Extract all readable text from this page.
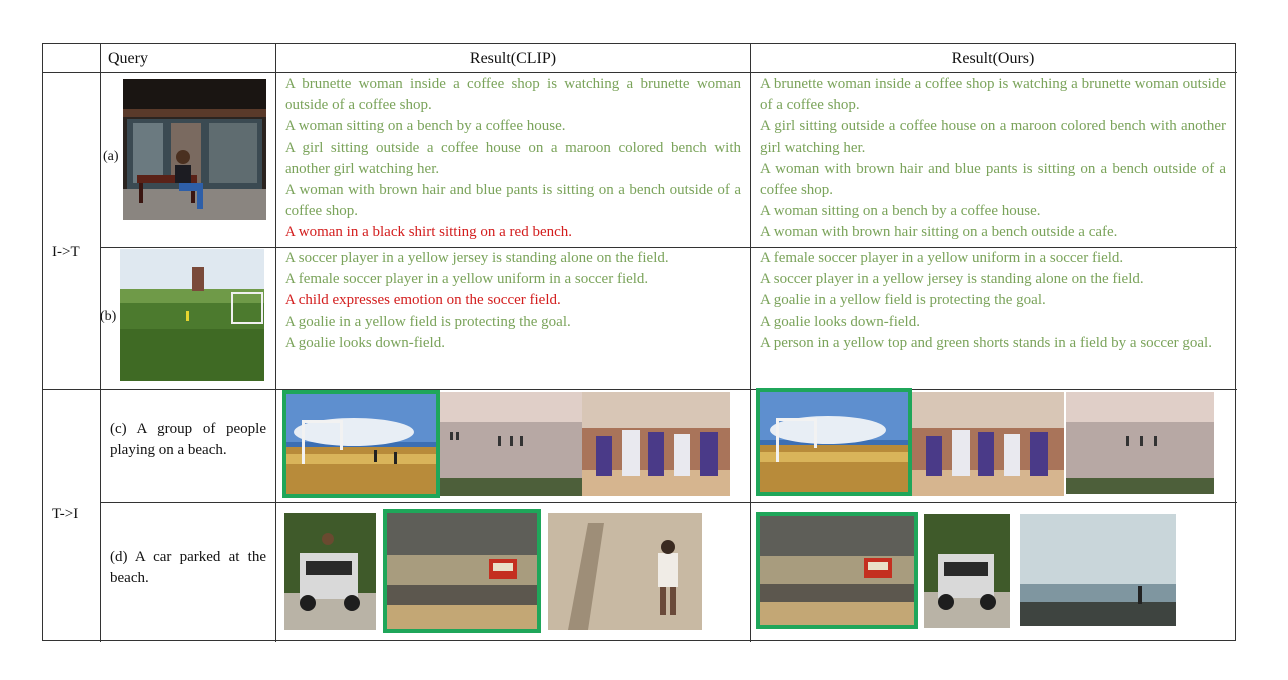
Query	Result(CLIP)	Result(Ours)
I->T
T->I
(a)
A brunette woman inside a coffee shop is watching a brunette woman outside of a coffee shop.
A woman sitting on a bench by a coffee house.
A girl sitting outside a coffee house on a maroon colored bench with another girl watching her.
A woman with brown hair and blue pants is sitting on a bench outside of a coffee shop.
A woman in a black shirt sitting on a red bench.
A brunette woman inside a coffee shop is watching a brunette woman outside of a coffee shop.
A girl sitting outside a coffee house on a maroon colored bench with another girl watching her.
A woman with brown hair and blue pants is sitting on a bench outside of a coffee shop.
A woman sitting on a bench by a coffee house.
A woman with brown hair sitting on a bench outside a cafe.
(b)
A soccer player in a yellow jersey is standing alone on the field.
A female soccer player in a yellow uniform in a soccer field.
A child expresses emotion on the soccer field.
A goalie in a yellow field is protecting the goal.
A goalie looks down-field.
A female soccer player in a yellow uniform in a soccer field.
A soccer player in a yellow jersey is standing alone on the field.
A goalie in a yellow field is protecting the goal.
A goalie looks down-field.
A person in a yellow top and green shorts stands in a field by a soccer goal.
(c) A group of people playing on a beach.
(d) A car parked at the beach.
